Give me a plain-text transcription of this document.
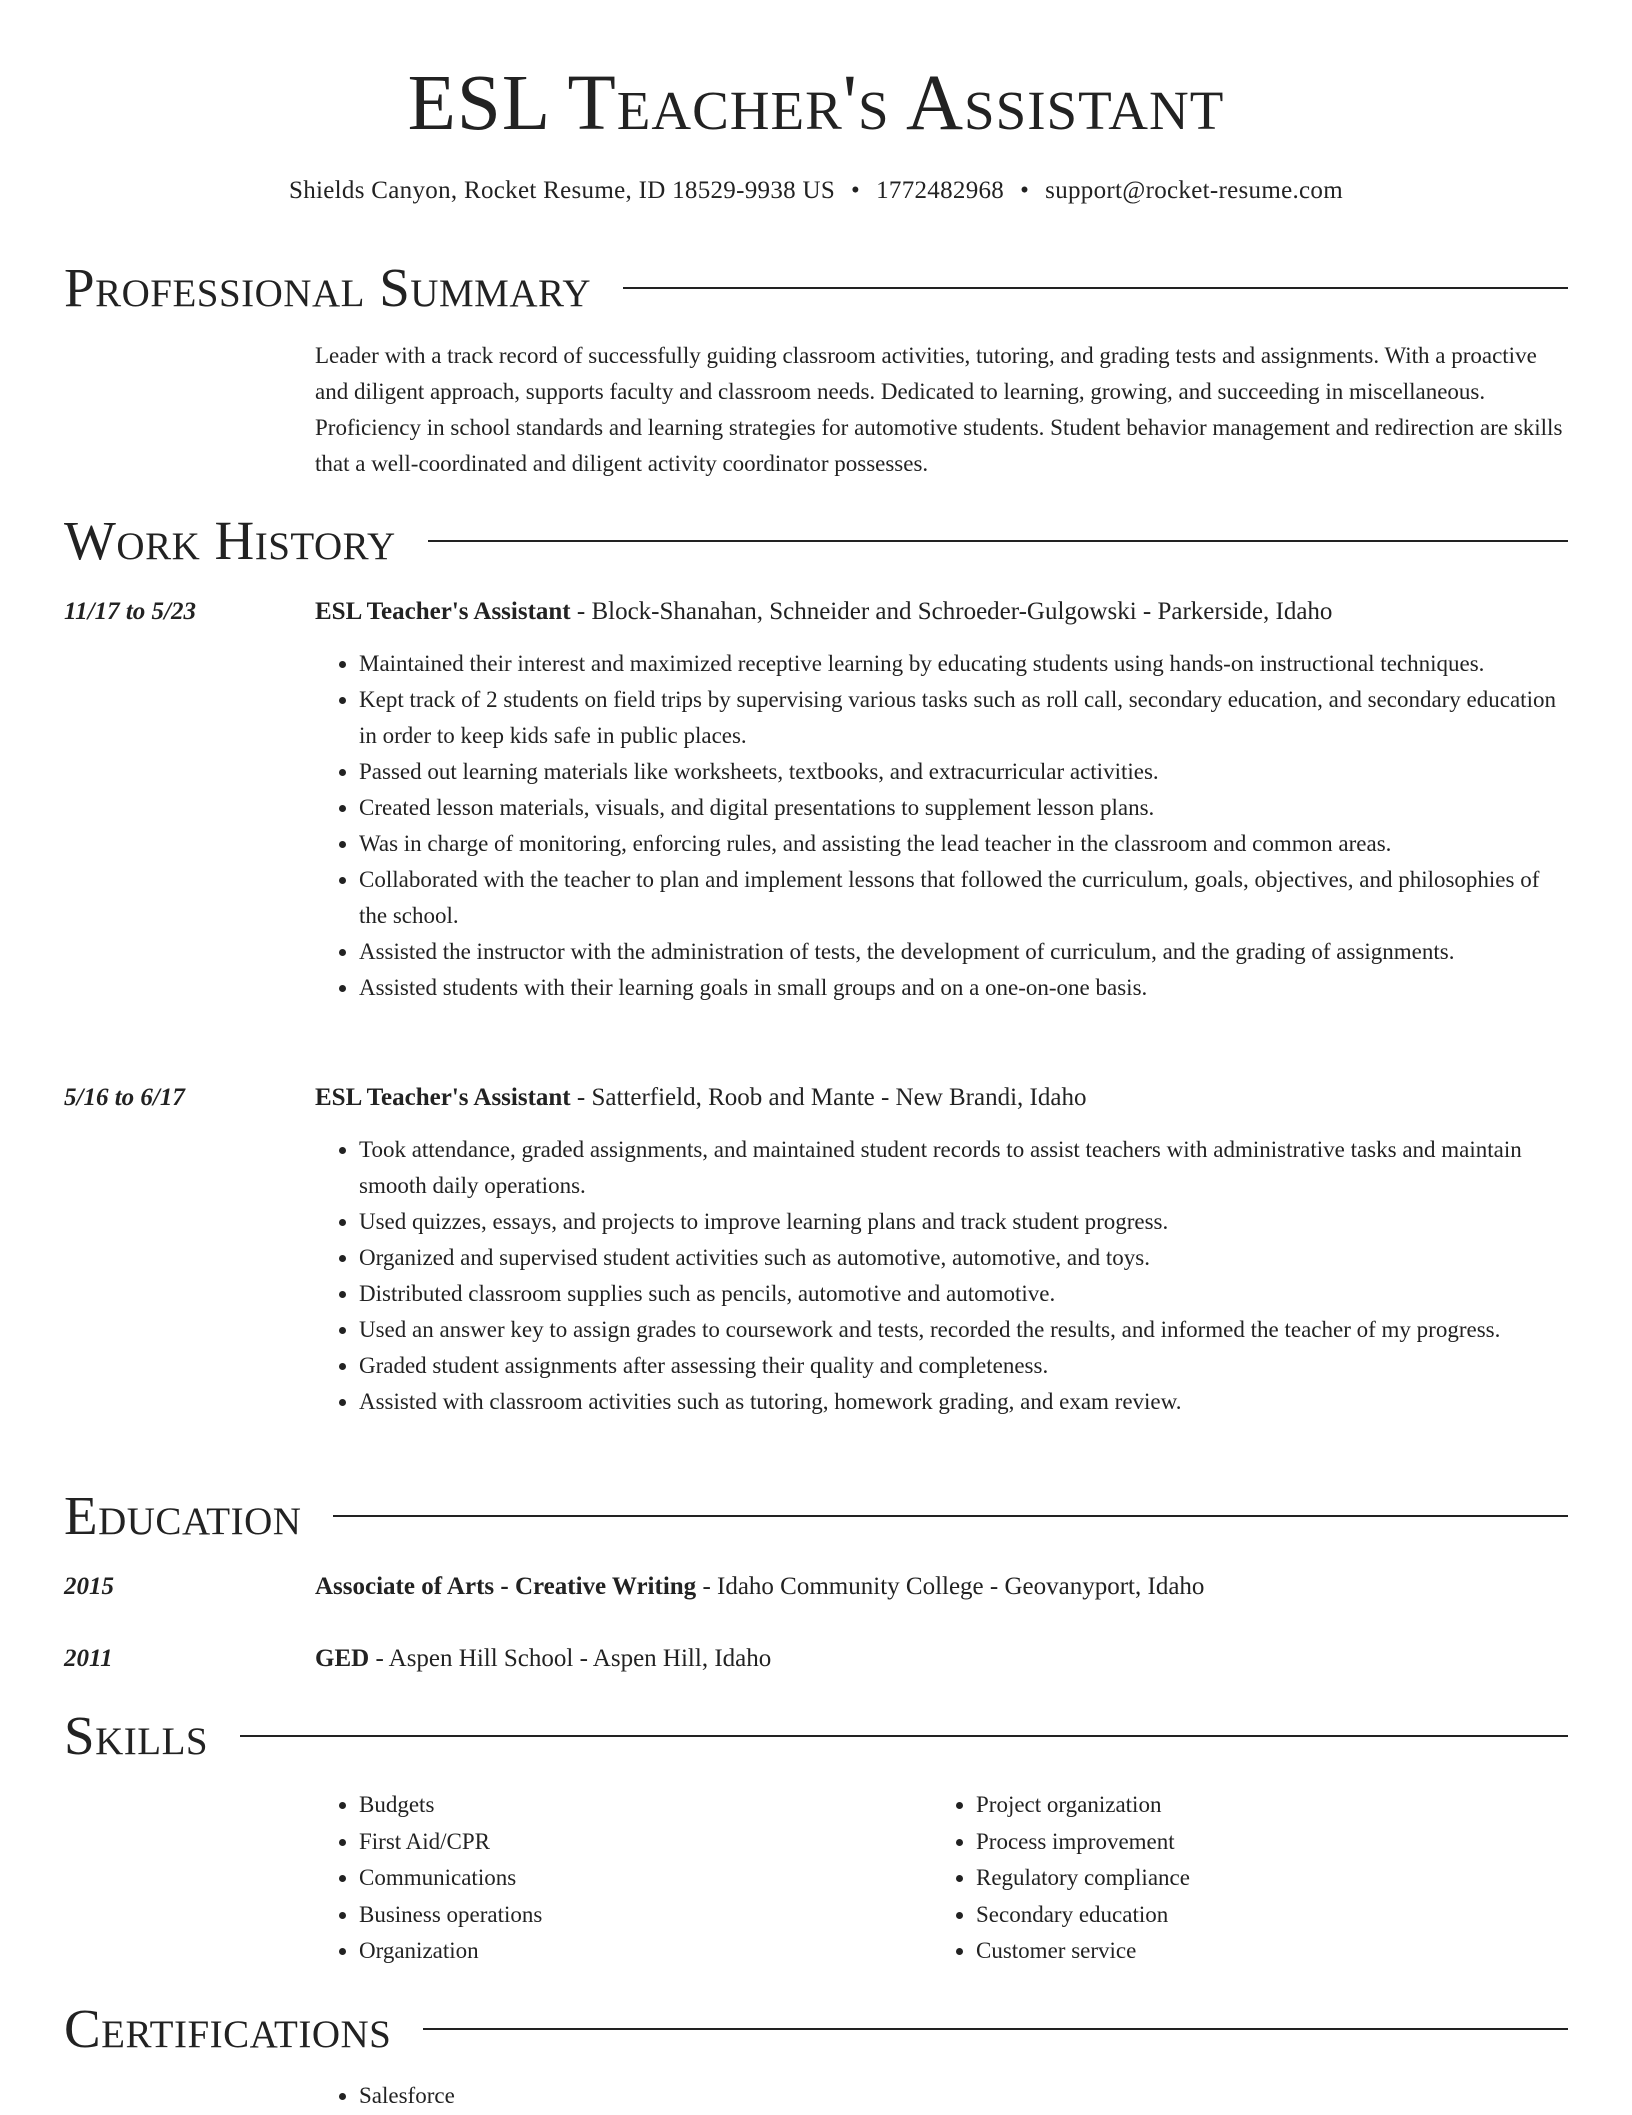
ESL Teacher's Assistant
Shields Canyon, Rocket Resume, ID 18529-9938 US • 1772482968 • support@rocket-resume.com
Professional Summary

Leader with a track record of successfully guiding classroom activities, tutoring, and grading tests and assignments. With a proactive and diligent approach, supports faculty and classroom needs. Dedicated to learning, growing, and succeeding in miscellaneous. Proficiency in school standards and learning strategies for automotive students. Student behavior management and redirection are skills that a well-coordinated and diligent activity coordinator possesses.

Work History
11/17 to 5/23	ESL Teacher's Assistant - Block-Shanahan, Schneider and Schroeder-Gulgowski - Parkerside, Idaho
• Maintained their interest and maximized receptive learning by educating students using hands-on instructional techniques.
• Kept track of 2 students on field trips by supervising various tasks such as roll call, secondary education, and secondary education in order to keep kids safe in public places.
• Passed out learning materials like worksheets, textbooks, and extracurricular activities.
• Created lesson materials, visuals, and digital presentations to supplement lesson plans.
• Was in charge of monitoring, enforcing rules, and assisting the lead teacher in the classroom and common areas.
• Collaborated with the teacher to plan and implement lessons that followed the curriculum, goals, objectives, and philosophies of the school.
• Assisted the instructor with the administration of tests, the development of curriculum, and the grading of assignments.
• Assisted students with their learning goals in small groups and on a one-on-one basis.
5/16 to 6/17	ESL Teacher's Assistant - Satterfield, Roob and Mante - New Brandi, Idaho
• Took attendance, graded assignments, and maintained student records to assist teachers with administrative tasks and maintain smooth daily operations.
• Used quizzes, essays, and projects to improve learning plans and track student progress.
• Organized and supervised student activities such as automotive, automotive, and toys.
• Distributed classroom supplies such as pencils, automotive and automotive.
• Used an answer key to assign grades to coursework and tests, recorded the results, and informed the teacher of my progress.
• Graded student assignments after assessing their quality and completeness.
• Assisted with classroom activities such as tutoring, homework grading, and exam review.
Education
2015	Associate of Arts - Creative Writing - Idaho Community College - Geovanyport, Idaho
2011	GED - Aspen Hill School - Aspen Hill, Idaho
Skills
• Budgets
• First Aid/CPR
• Communications
• Business operations
• Organization
• Project organization
• Process improvement
• Regulatory compliance
• Secondary education
• Customer service
Certifications
• Salesforce
